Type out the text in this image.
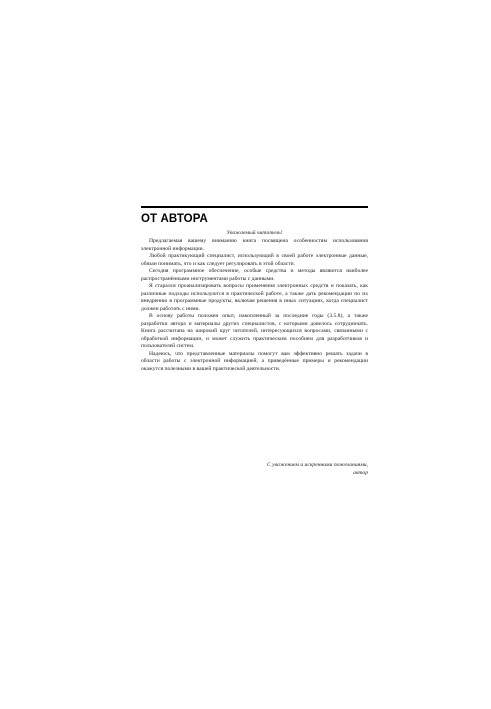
ОТ АВТОРА
Уважаемый читатель!

Предлагаемая вашему вниманию книга посвящена особенностям использования электронной информации.

Любой практикующий специалист, использующий в своей работе электронные данные, обязан понимать, что и как следует регулировать в этой области.

Сегодня программное обеспечение, особые средства и методы являются наиболее распространёнными инструментами работы с данными.

Я старался проанализировать вопросы применения электронных средств и показать, как различные подходы используются в практической работе, а также дать рекомендации по их внедрению в программные продукты, включая решения в иных ситуациях, когда специалист должен работать с ними.

В основу работы положен опыт, накопленный за последние годы (3.5.8), а также разработки автора и материалы других специалистов, с которыми довелось сотрудничать. Книга рассчитана на широкий круг читателей, интересующихся вопросами, связанными с обработкой информации, и может служить практическим пособием для разработчиков и пользователей систем.

Надеюсь, что представленные материалы помогут вам эффективно решать задачи в области работы с электронной информацией, а приведённые примеры и рекомендации окажутся полезными в вашей практической деятельности.

С уважением и искренними пожеланиями,
автор
